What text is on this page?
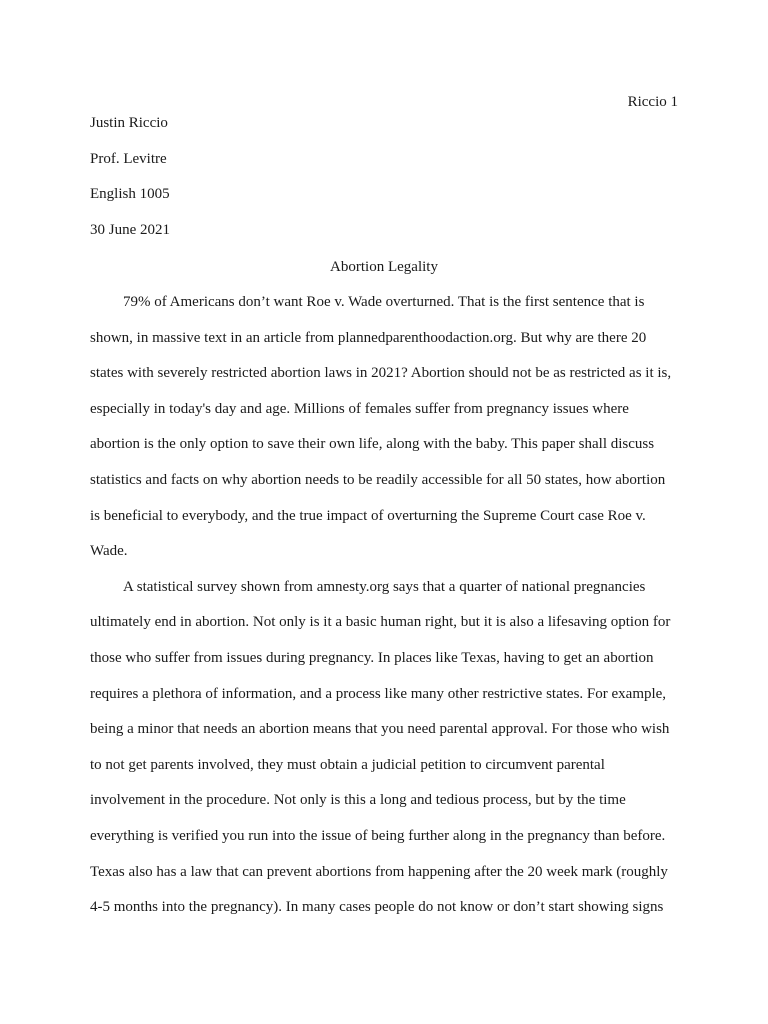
Riccio 1
Justin Riccio
Prof. Levitre
English 1005
30 June 2021
Abortion Legality
79% of Americans don’t want Roe v. Wade overturned. That is the first sentence that is
shown, in massive text in an article from plannedparenthoodaction.org. But why are there 20
states with severely restricted abortion laws in 2021? Abortion should not be as restricted as it is,
especially in today's day and age. Millions of females suffer from pregnancy issues where
abortion is the only option to save their own life, along with the baby. This paper shall discuss
statistics and facts on why abortion needs to be readily accessible for all 50 states, how abortion
is beneficial to everybody, and the true impact of overturning the Supreme Court case Roe v.
Wade.
A statistical survey shown from amnesty.org says that a quarter of national pregnancies
ultimately end in abortion. Not only is it a basic human right, but it is also a lifesaving option for
those who suffer from issues during pregnancy. In places like Texas, having to get an abortion
requires a plethora of information, and a process like many other restrictive states. For example,
being a minor that needs an abortion means that you need parental approval. For those who wish
to not get parents involved, they must obtain a judicial petition to circumvent parental
involvement in the procedure. Not only is this a long and tedious process, but by the time
everything is verified you run into the issue of being further along in the pregnancy than before.
Texas also has a law that can prevent abortions from happening after the 20 week mark (roughly
4-5 months into the pregnancy). In many cases people do not know or don’t start showing signs
